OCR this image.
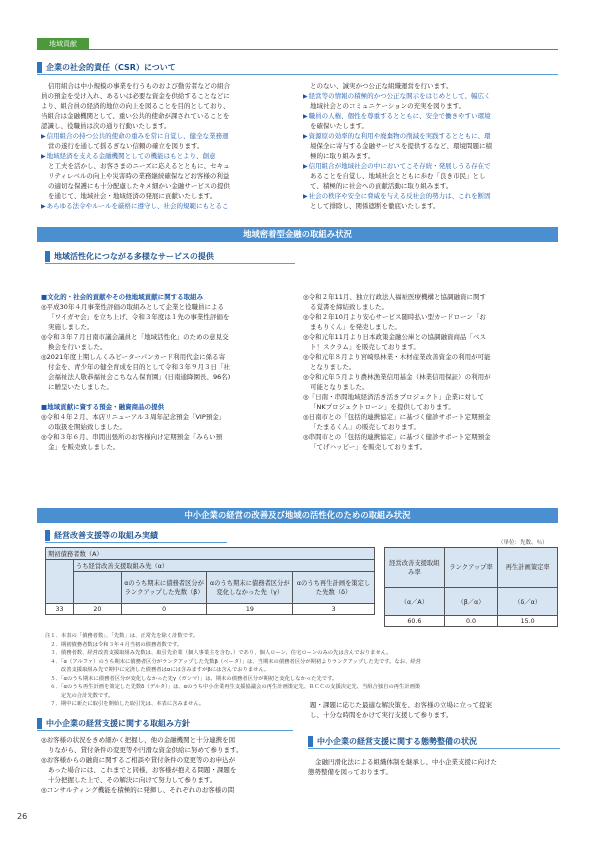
地域貢献
企業の社会的責任（CSR）について
信用組合は中小規模の事業を行うものおよび勤労者などの組合
員の預金を受け入れ、あるいは必要な資金を供給することなどに
より、組合員の経済的地位の向上を図ることを目的としており、
当組合は金融機関として、重い公共的使命が課されていることを
認識し、役職員は次の通り行動いたします。
▶ 信用組合の持つ公共的使命の重みを常に自覚し、健全な業務運
営の遂行を通して揺るぎない信頼の確立を図ります。
▶ 地域経済を支える金融機関としての機能はもとより、創意
と工夫を活かし、お客さまのニーズに応えるとともに、セキュ
リティレベルの向上や災害時の業務継続確保などお客様の利益
の適切な保護にも十分配慮したキメ細かい金融サービスの提供
を通じて、地域社会・地域経済の発展に貢献いたします。
▶ あらゆる法令やルールを厳格に遵守し、社会的規範にもとるこ
とのない、誠実かつ公正な組織運営を行います。
▶ 経営等の情報の積極的かつ公正な開示をはじめとして、幅広く
地域社会とのコミュニケーションの充実を図ります。
▶ 職員の人権、個性を尊重するとともに、安全で働きやすい環境
を確保いたします。
▶ 資源原の効率的な利用や廃棄物の削減を実践するとともに、環
境保全に寄与する金融サービスを提供するなど、環境問題に積
極的に取り組みます。
▶ 信用組合が地域社会の中においてこそ存続・発展しうる存在で
あることを自覚し、地域社会とともに歩む「良き市民」とし
て、積極的に社会への貢献活動に取り組みます。
▶ 社会の秩序や安全に脅威を与える反社会的勢力は、これを断固
として排除し、関係遮断を徹底いたします。
地域密着型金融の取組み状況
地域活性化につながる多様なサービスの提供
■文化的・社会的貢献やその他地域貢献に関する取組み
◎平成30年４月事業性評価の取組みとして企業と役職員による
「ワイガヤ会」を立ち上げ、令和３年度は１先の事業性評価を
実施しました。
◎令和３年７月日南市議会議員と「地域活性化」のための意見交
換会を行いました。
◎2021年度上期しんくみピーターパンカード利用代金に係る寄
付金を、青少年の健全育成を目的として令和３年９月３日「社
会福祉法人敬恭福祉会こちなん保育園」(日南通降園長、96名)
に贈呈いたしました。
■地域貢献に資する預金・融資商品の提供
◎令和４年２月、本店リニューアル３周年記念預金「VIP預金」
の取扱を開始致しました。
◎令和３年６月、串間出張所のお客様向け定期預金「みらい預
金」を販売致しました。
◎令和２年11月、独立行政法人福祉医療機構と協調融資に関す
る覚書を締結致しました。
◎令和２年10月より安心サービス随時払い型カードローン「お
まもりくん」を発売しました。
◎令和元年11月より日本政策金融公庫との協調融資商品「ベス
ト！スクラム」を販売しております。
◎令和元年８月より宮崎県林業・木材産業改善資金の利用が可能
となりました。
◎令和元年５月より農林漁業信用基金（林業信用保証）の利用が
可能となりました。
◎「日南・串間地域経済活き活きプロジェクト」企業に対して
「NKプロジェクトローン」を提供しております。
◎日南市との「包括的連携協定」に基づく健診サポート定期預金
「たまるくん」の販売しております。
◎串間市との「包括的連携協定」に基づく健診サポート定期預金
「てげハッピー」を販売しております。
中小企業の経営の改善及び地域の活性化のための取組み状況
経営改善支援等の取組み実績
（単位：先数、％）
期初債務者数（A）				
	うち経営改善支援取組み先（α）			
		αのうち期末に債務者区分がランクアップした先数（β）	αのうち期末に債務者区分が変化しなかった先（γ）	αのうち再生計画を策定した先数（δ）
33	20	0	19	3
経営改善支援取組み率	ランクアップ率	再生計画策定率
（α／A）	（β／α）	（δ／α）
60.6	0.0	15.0
注１．本表の「債務者数」、「先数」は、正常先を除く計数です。
　２．期初債務者数は令和３年４月当初の債務者数です。
　３．債務者数、経営改善支援取組み先数は、取引先企業（個人事業主を含む。）であり、個人ローン、住宅ローンのみの先は含んでおりません。
　４．「α（アルファ）のうち期末に債務者区分がランクアップした先数β（ベータ）」は、当期末の債務者区分が期初よりランクアップした先です。なお、経営
　　　改善支援取組み先で期中に完済した債務者はαには含みますがβには含んでおりません。
　５．「αのうち期末に債務者区分が変化しなかった先γ（ガンマ）」は、期末の債務者区分が期初と変化しなかった先です。
　６．「αのうち再生計画を策定した先数δ（デルタ）」は、αのうち中小企業再生支援協議会の再生計画策定先、ＲＣＣの支援決定先、当組合独自の再生計画策
　　　定先の合計先数です。
　７．期中に新たに取引を開始した取引先は、本表に含みません。
中小企業の経営支援に関する取組み方針
◎お客様の状況をきめ細かく把握し、他の金融機関と十分連携を図
りながら、貸付条件の変更等や円滑な資金供給に努めて参ります。
◎お客様からの融資に関するご相談や貸付条件の変更等のお申込が
あった場合には、これまでと同様、お客様が抱える問題・課題を
十分把握した上で、その解決に向けて努力して参ります。
◎コンサルティング機能を積極的に発揮し、それぞれのお客様の問
題・課題に応じた最適な解決策を、お客様の立場に立って提案
し、十分な時間をかけて実行支援して参ります。
中小企業の経営支援に関する態勢整備の状況
金融円滑化法による組織体制を継承し、中小企業支援に向けた
態勢整備を図っております。
26
